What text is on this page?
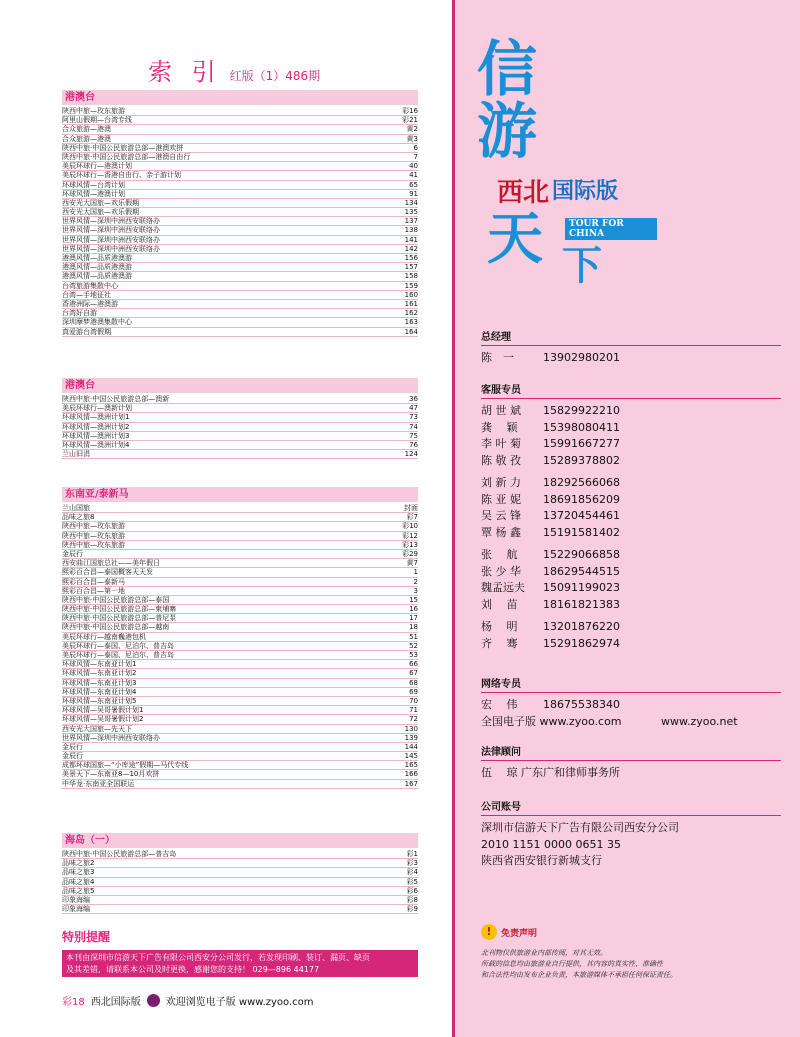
索 引 红版（1）486期
港澳台
陕西中旅—玫东旅游	彩16
阿里山假期—台湾专线	彩21
合众旅游—港澳	黄2
合众旅游—港澳	黄3
陕西中旅·中国公民旅游总部—港澳欢拼	6
陕西中旅·中国公民旅游总部—港澳自由行	7
美辰环球行—港澳计划	40
美辰环球行—香港自由行、亲子游计划	41
环球风情—台湾计划	65
环球风情—港澳计划	91
西安光大国旅—欢乐假期	134
西安光大国旅—欢乐假期	135
世界风情—深圳中洲西安联络办	137
世界风情—深圳中洲西安联络办	138
世界风情—深圳中洲西安联络办	141
世界风情—深圳中洲西安联络办	142
港澳风情—品质港澳游	156
港澳风情—品质港澳游	157
港澳风情—品质港澳游	158
台湾旅游集散中心	159
台湾—手地征社	160
香港洲际—港澳游	161
台湾好自游	162
深圳摩梦港澳集散中心	163
真爱游台湾假期	164
港澳台
陕西中旅·中国公民旅游总部—澳新	36
美辰环球行—澳新计划	47
环球风情—澳洲计划1	73
环球风情—澳洲计划2	74
环球风情—澳洲计划3	75
环球风情—澳洲计划4	76
兰山旧涓	124
东南亚/泰新马
兰山国旅	封面
品味之旅8	彩7
陕西中旅—玫东旅游	彩10
陕西中旅—玫东旅游	彩12
陕西中旅—玫东旅游	彩13
金辰行	彩29
西安曲江国旅总社——美年假日	黄7
熙彩百合昌—泰国概客天天发	1
熙彩百合昌—泰新马	2
熙彩百合昌—第一地	3
陕西中旅·中国公民旅游总部—泰国	15
陕西中旅·中国公民旅游总部—柬埔寨	16
陕西中旅·中国公民旅游总部—普尼泵	17
陕西中旅·中国公民旅游总部—越南	18
美辰环球行—越南巍港包机	51
美辰环球行—泰国、尼泊尔、普吉岛	52
美辰环球行—泰国、尼泊尔、普吉岛	53
环球风情—东南亚计划1	66
环球风情—东南亚计划2	67
环球风情—东南亚计划3	68
环球风情—东南亚计划4	69
环球风情—东南亚计划5	70
环球风情—吴哥暑假计划1	71
环球风情—吴哥暑假计划2	72
西安光大国旅—先天下	130
世界风情—深圳中洲西安联络办	139
金辰行	144
金辰行	145
成都环球国旅—“小库途”假期—马代专线	165
美景天下—东南亚8—10月欢拼	166
中华龙·东南亚全国联运	167
海岛（一）
陕西中旅·中国公民旅游总部—普吉岛	彩1
品味之旅2	彩3
品味之旅3	彩4
品味之旅4	彩5
品味之旅5	彩6
印象海编	彩8
印象海编	彩9
特别提醒
本刊由深圳市信游天下广告有限公司西安分公司发行，若发现印刷、装订、漏页、缺页
及其差错，请联系本公司及时更换，感谢您的支持！ 029—896 44177
彩18 西北国际版	欢迎浏览电子版 www.zyoo.com
信
游
西北 国际版
TOUR FOR CHINA
天 下
总经理
陈　一	13902980201
客服专员
胡 世 斌	15829922210
龚　 颖	15398080411
李 叶 菊	15991667277
陈 敬 孜	15289378802
刘 新 力	18292566068
陈 亚 妮	18691856209
吴 云 锋	13720454461
覃 杨 鑫	15191581402
张　 航	15229066858
张 少 华	18629544515
魏孟远夫	15091199023
刘　 苗	18161821383
杨　 明	13201876220
齐　 骞	15291862974
网络专员
宏　 伟	18675538340
全国电子版 www.zyoo.com	www.zyoo.net
法律顾问
伍　 琼 广东广和律师事务所
公司账号
深圳市信游天下广告有限公司西安分公司
2010 1151 0000 0651 35
陕西省西安银行新城支行
!	免责声明
北刊物仅供旅游业内部传阅，对其无效。
所载的信息均由旅游业自行提供，其内容的真实性、准确性
和合法性均由发布企业负责，本旅游媒体不承担任何保证责任。
